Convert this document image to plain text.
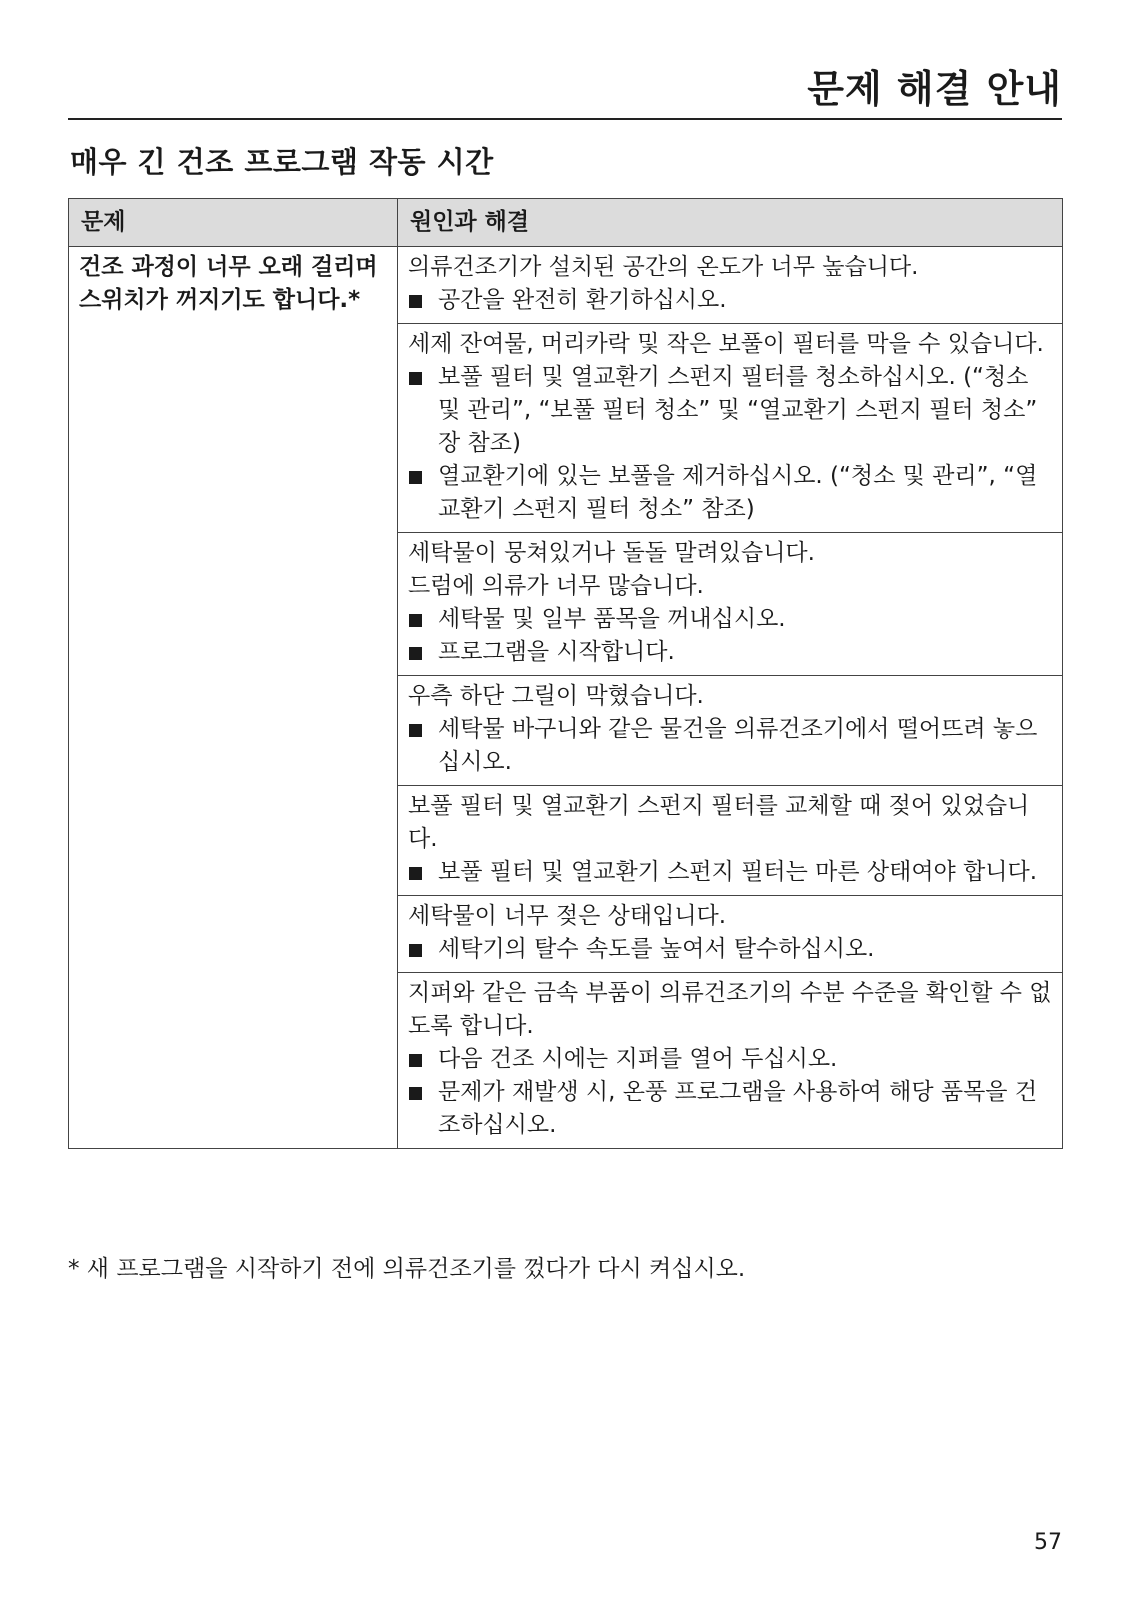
문제 해결 안내
매우 긴 건조 프로그램 작동 시간
문제	원인과 해결
건조 과정이 너무 오래 걸리며 스위치가 꺼지기도 합니다.*	의류건조기가 설치된 공간의 온도가 너무 높습니다.
공간을 완전히 환기하십시오.

	세제 잔여물, 머리카락 및 작은 보풀이 필터를 막을 수 있습니다.
보풀 필터 및 열교환기 스펀지 필터를 청소하십시오. (“청소 및 관리”, “보풀 필터 청소” 및 “열교환기 스펀지 필터 청소” 장 참조)
열교환기에 있는 보풀을 제거하십시오. (“청소 및 관리”, “열교환기 스펀지 필터 청소” 참조)

	세탁물이 뭉쳐있거나 돌돌 말려있습니다.
드럼에 의류가 너무 많습니다.
세탁물 및 일부 품목을 꺼내십시오.
프로그램을 시작합니다.

	우측 하단 그릴이 막혔습니다.
세탁물 바구니와 같은 물건을 의류건조기에서 떨어뜨려 놓으십시오.

	보풀 필터 및 열교환기 스펀지 필터를 교체할 때 젖어 있었습니다.
보풀 필터 및 열교환기 스펀지 필터는 마른 상태여야 합니다.

	세탁물이 너무 젖은 상태입니다.
세탁기의 탈수 속도를 높여서 탈수하십시오.

	지퍼와 같은 금속 부품이 의류건조기의 수분 수준을 확인할 수 없도록 합니다.
다음 건조 시에는 지퍼를 열어 두십시오.
문제가 재발생 시, 온풍 프로그램을 사용하여 해당 품목을 건조하십시오.

* 새 프로그램을 시작하기 전에 의류건조기를 껐다가 다시 켜십시오.

57
